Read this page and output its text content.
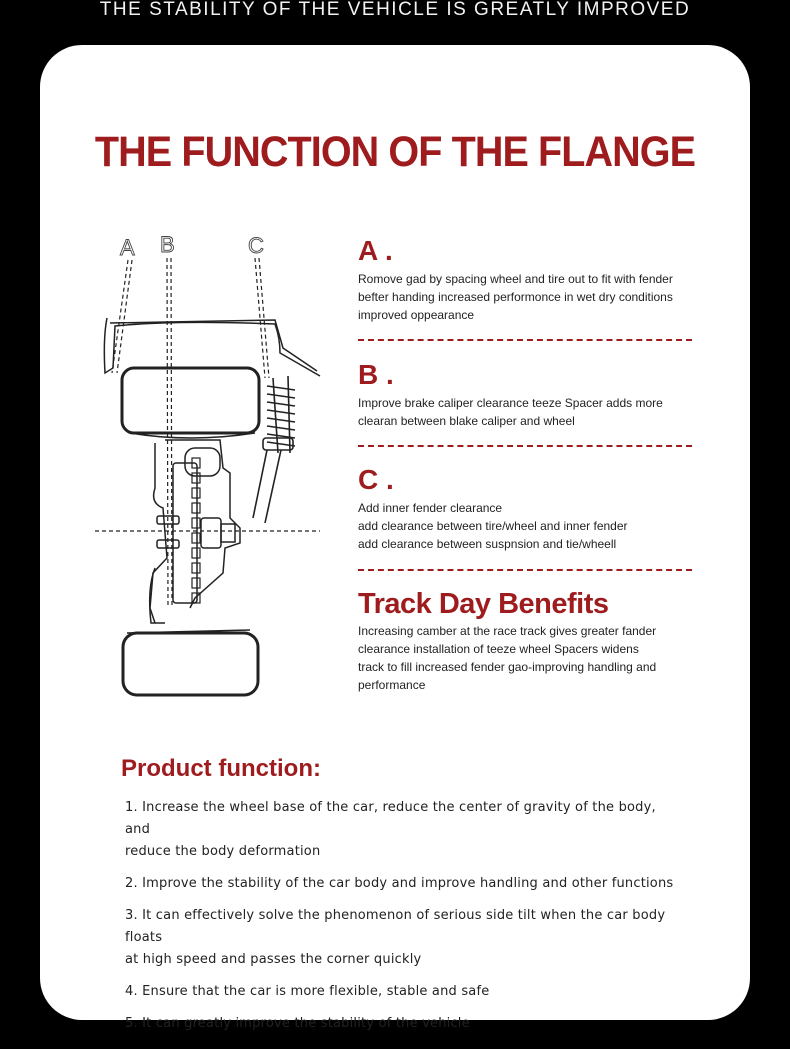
THE STABILITY OF THE VEHICLE IS GREATLY IMPROVED
THE FUNCTION OF THE FLANGE
A B	C	A .
Romove gad by spacing wheel and tire out to fit with fender
befter handing increased performonce in wet dry conditions
improved oppearance
B .
Improve brake caliper clearance teeze Spacer adds more
clearan between blake caliper and wheel
C .
Add inner fender clearance
add clearance between tire/wheel and inner fender
add clearance between suspnsion and tie/wheell
Track Day Benefits
Increasing camber at the race track gives greater fander
clearance installation of teeze wheel Spacers widens
track to fill increased fender gao-improving handling and
performance
Product function:
1. Increase the wheel base of the car, reduce the center of gravity of the body, and
reduce the body deformation
2. Improve the stability of the car body and improve handling and other functions
3. It can effectively solve the phenomenon of serious side tilt when the car body floats
at high speed and passes the corner quickly
4. Ensure that the car is more flexible, stable and safe
5. It can greatly improve the stability of the vehicle
